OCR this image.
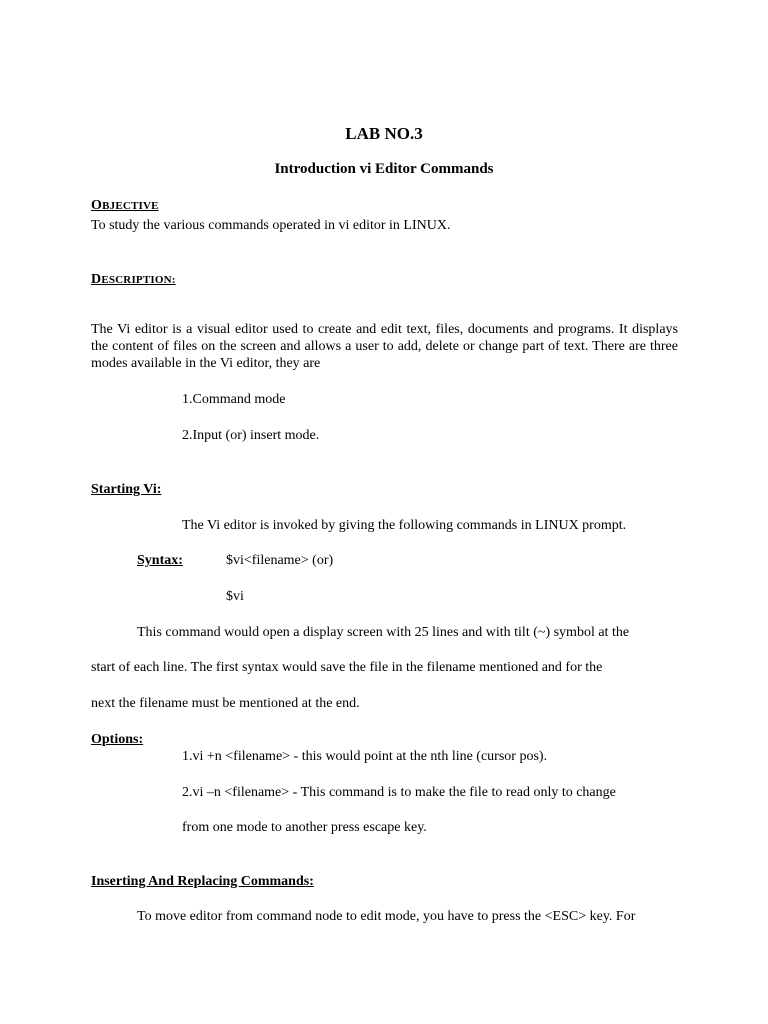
LAB NO.3
Introduction vi Editor Commands
OBJECTIVE
To study the various commands operated in vi editor in LINUX.
DESCRIPTION:
The Vi editor is a visual editor used to create and edit text, files, documents and programs. It displays the content of files on the screen and allows a user to add, delete or change part of text. There are three modes available in the Vi editor, they are
1.Command mode
2.Input (or) insert mode.
Starting Vi:
The Vi editor is invoked by giving the following commands in LINUX prompt.
Syntax:	$vi<filename> (or)
$vi
This command would open a display screen with 25 lines and with tilt (~) symbol at the
start of each line. The first syntax would save the file in the filename mentioned and for the
next the filename must be mentioned at the end.
Options:
1.vi +n <filename> - this would point at the nth line (cursor pos).
2.vi –n <filename> - This command is to make the file to read only to change
from one mode to another press escape key.
Inserting And Replacing Commands:
To move editor from command node to edit mode, you have to press the <ESC> key. For
